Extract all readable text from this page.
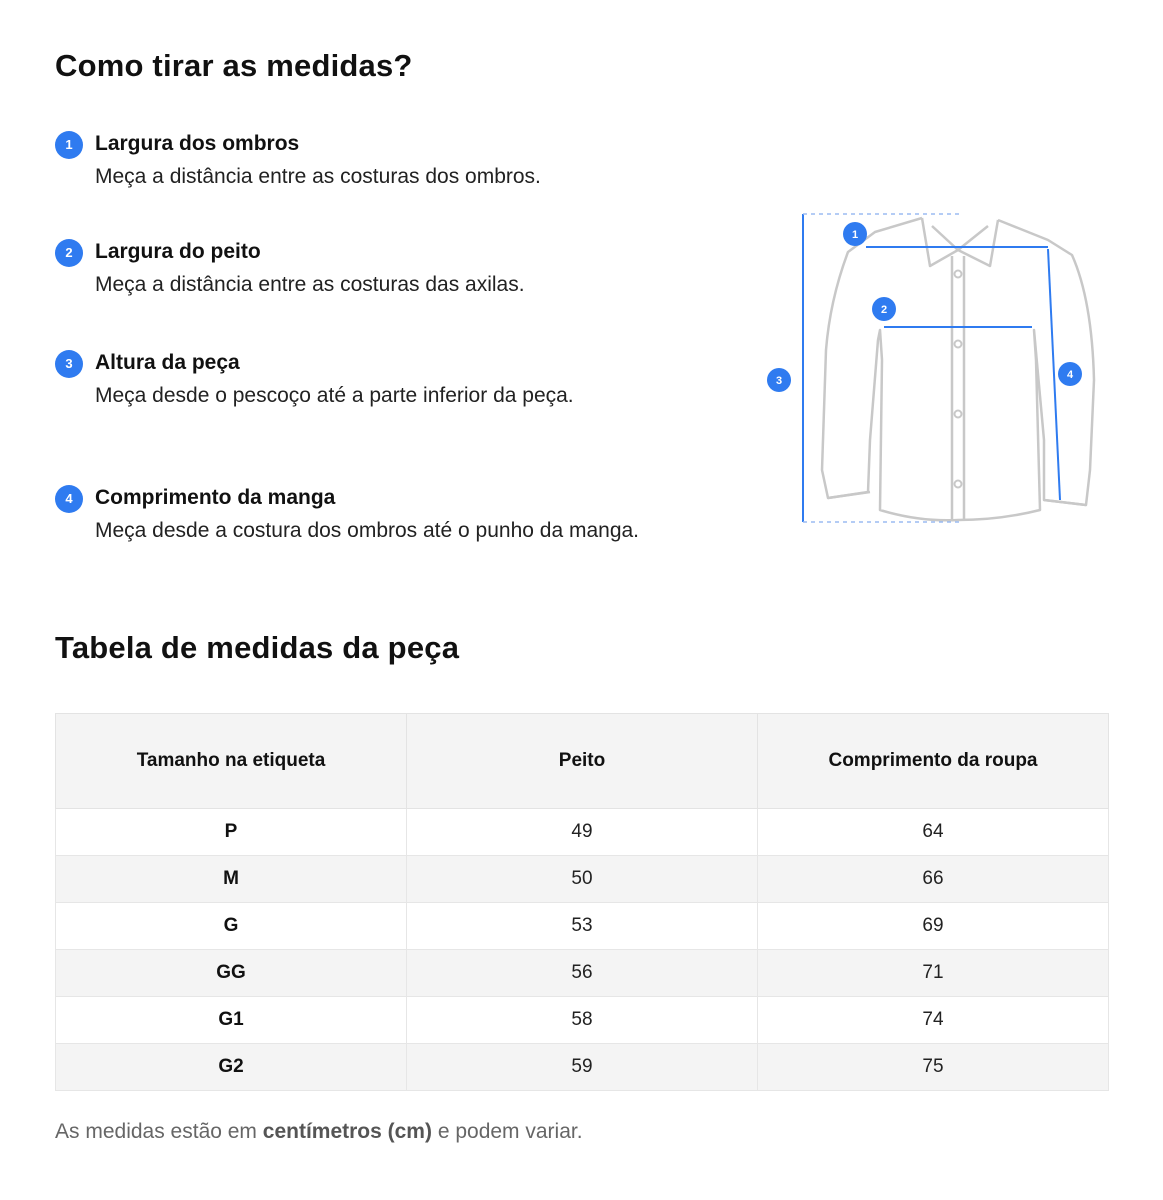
Como tirar as medidas?
1	Largura dos ombros
Meça a distância entre as costuras dos ombros.
2	Largura do peito
Meça a distância entre as costuras das axilas.
3	Altura da peça
Meça desde o pescoço até a parte inferior da peça.
4	Comprimento da manga
Meça desde a costura dos ombros até o punho da manga.
1
2
3	4
Tabela de medidas da peça
Tamanho na etiqueta	Peito	Comprimento da roupa
P	49	64
M	50	66
G	53	69
GG	56	71
G1	58	74
G2	59	75
As medidas estão em centímetros (cm) e podem variar.
